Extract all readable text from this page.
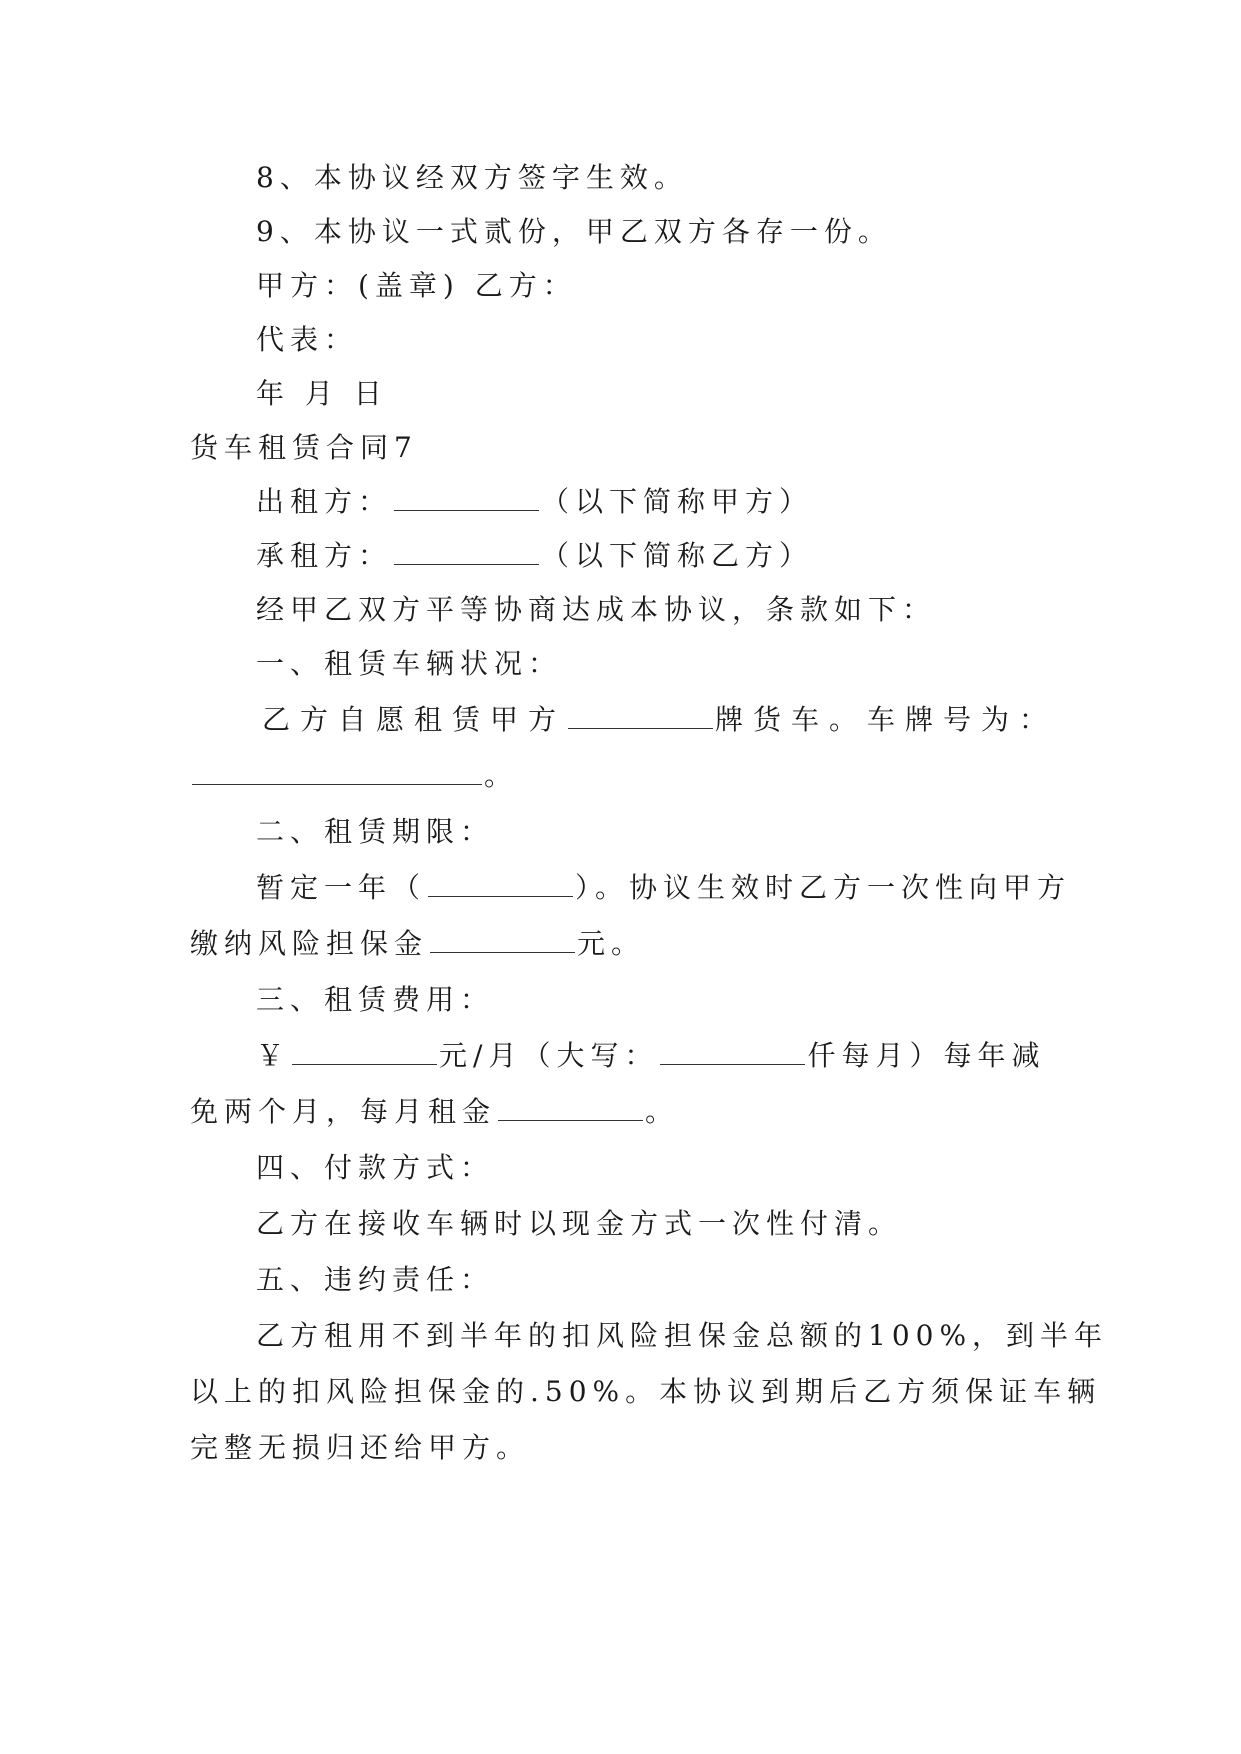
8、本协议经双方签字生效。
9、本协议一式贰份，甲乙双方各存一份。
甲方：(盖章) 乙方：
代表：
年 月 日
货车租赁合同7
出租方：	（以下简称甲方）
承租方：	（以下简称乙方）
经甲乙双方平等协商达成本协议，条款如下：
一、租赁车辆状况：
乙方自愿租赁甲方	牌货车。车牌号为：
。
二、租赁期限：
暂定一年（	）。协议生效时乙方一次性向甲方
缴纳风险担保金	元。
三、租赁费用：
￥	元/月（大写：	仟每月）每年减
免两个月，每月租金	。
四、付款方式：
乙方在接收车辆时以现金方式一次性付清。
五、违约责任：
乙方租用不到半年的扣风险担保金总额的100%，到半年
以上的扣风险担保金的.50%。本协议到期后乙方须保证车辆
完整无损归还给甲方。
